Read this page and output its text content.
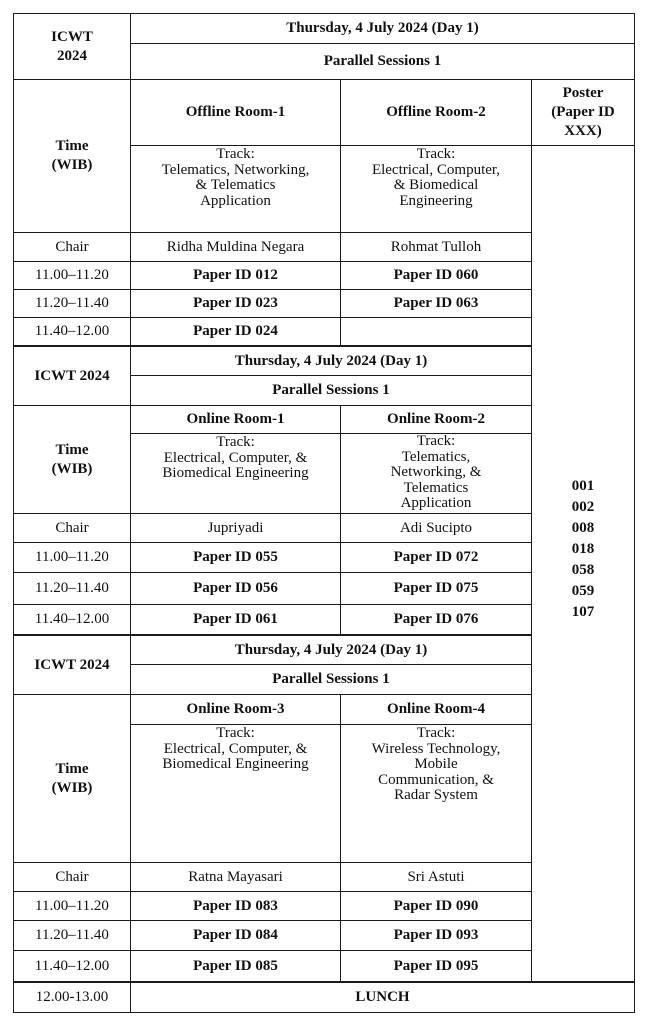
ICWT
2024
Thursday, 4 July 2024 (Day 1)
Parallel Sessions 1
Time
(WIB)
Offline Room-1
Track:
Telematics, Networking,
& Telematics
Application
Ridha Muldina Negara
Paper ID 012
Paper ID 023
Paper ID 024
Offline Room-2
Track:
Electrical, Computer,
& Biomedical
Engineering
Rohmat Tulloh
Paper ID 060
Paper ID 063
Chair
11.00–11.20
11.20–11.40
11.40–12.00
ICWT 2024
Thursday, 4 July 2024 (Day 1)
Parallel Sessions 1
Time
(WIB)
Online Room-1
Track:
Electrical, Computer, &
Biomedical Engineering
Jupriyadi
Paper ID 055
Paper ID 056
Paper ID 061
Online Room-2
Track:
Telematics,
Networking, &
Telematics
Application
Adi Sucipto
Paper ID 072
Paper ID 075
Paper ID 076
Chair
11.00–11.20
11.20–11.40
11.40–12.00
ICWT 2024
Thursday, 4 July 2024 (Day 1)
Parallel Sessions 1
Time
(WIB)
Online Room-3
Track:
Electrical, Computer, &
Biomedical Engineering
Ratna Mayasari
Paper ID 083
Paper ID 084
Paper ID 085
Online Room-4
Track:
Wireless Technology,
Mobile
Communication, &
Radar System
Sri Astuti
Paper ID 090
Paper ID 093
Paper ID 095
Chair
11.00–11.20
11.20–11.40
11.40–12.00
Poster
(Paper ID
XXX)
001
002
008
018
058
059
107
12.00-13.00	LUNCH
